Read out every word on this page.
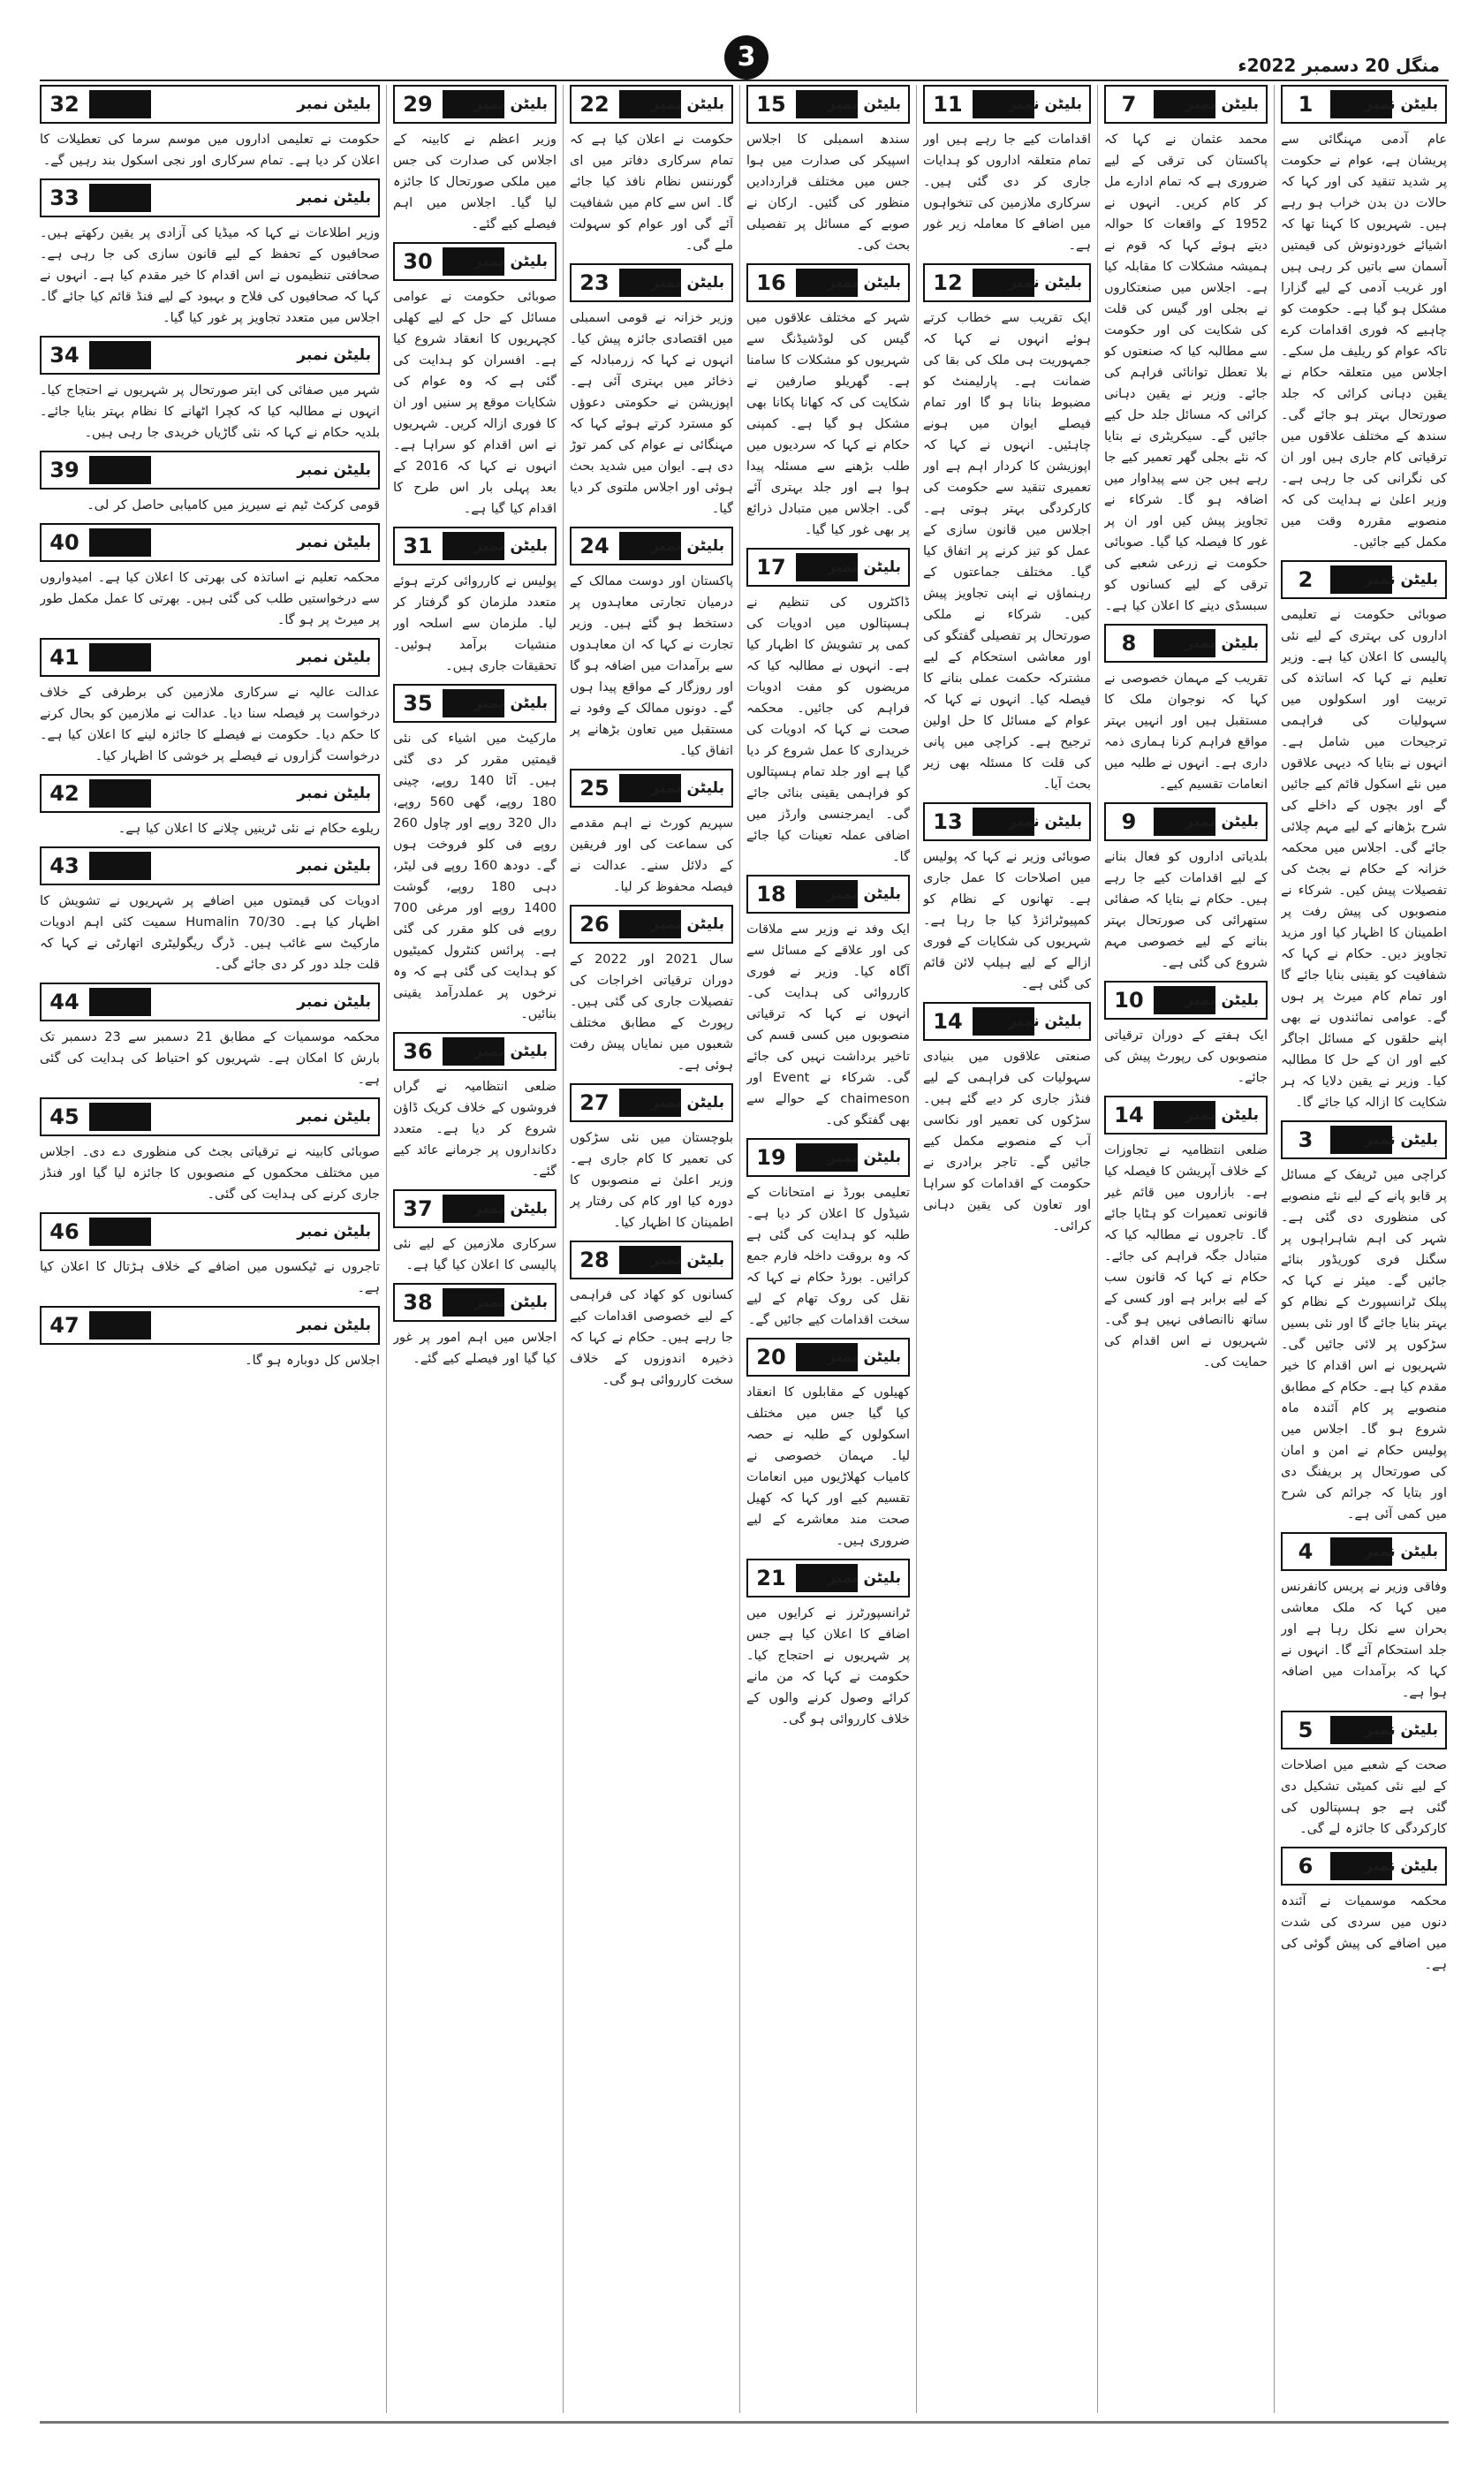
3	منگل 20 دسمبر 2022ء
1	بلیٹن نمبر
عام آدمی مہنگائی سے پریشان ہے، عوام نے حکومت پر شدید تنقید کی اور کہا کہ حالات دن بدن خراب ہو رہے ہیں۔ شہریوں کا کہنا تھا کہ اشیائے خوردونوش کی قیمتیں آسمان سے باتیں کر رہی ہیں اور غریب آدمی کے لیے گزارا مشکل ہو گیا ہے۔ حکومت کو چاہیے کہ فوری اقدامات کرے تاکہ عوام کو ریلیف مل سکے۔ اجلاس میں متعلقہ حکام نے یقین دہانی کرائی کہ جلد صورتحال بہتر ہو جائے گی۔ سندھ کے مختلف علاقوں میں ترقیاتی کام جاری ہیں اور ان کی نگرانی کی جا رہی ہے۔ وزیر اعلیٰ نے ہدایت کی کہ منصوبے مقررہ وقت میں مکمل کیے جائیں۔
2	بلیٹن نمبر
صوبائی حکومت نے تعلیمی اداروں کی بہتری کے لیے نئی پالیسی کا اعلان کیا ہے۔ وزیر تعلیم نے کہا کہ اساتذہ کی تربیت اور اسکولوں میں سہولیات کی فراہمی ترجیحات میں شامل ہے۔ انہوں نے بتایا کہ دیہی علاقوں میں نئے اسکول قائم کیے جائیں گے اور بچوں کے داخلے کی شرح بڑھانے کے لیے مہم چلائی جائے گی۔ اجلاس میں محکمہ خزانہ کے حکام نے بجٹ کی تفصیلات پیش کیں۔ شرکاء نے منصوبوں کی پیش رفت پر اطمینان کا اظہار کیا اور مزید تجاویز دیں۔ حکام نے کہا کہ شفافیت کو یقینی بنایا جائے گا اور تمام کام میرٹ پر ہوں گے۔ عوامی نمائندوں نے بھی اپنے حلقوں کے مسائل اجاگر کیے اور ان کے حل کا مطالبہ کیا۔ وزیر نے یقین دلایا کہ ہر شکایت کا ازالہ کیا جائے گا۔
3	بلیٹن نمبر
کراچی میں ٹریفک کے مسائل پر قابو پانے کے لیے نئے منصوبے کی منظوری دی گئی ہے۔ شہر کی اہم شاہراہوں پر سگنل فری کوریڈور بنائے جائیں گے۔ میئر نے کہا کہ پبلک ٹرانسپورٹ کے نظام کو بہتر بنایا جائے گا اور نئی بسیں سڑکوں پر لائی جائیں گی۔ شہریوں نے اس اقدام کا خیر مقدم کیا ہے۔ حکام کے مطابق منصوبے پر کام آئندہ ماہ شروع ہو گا۔ اجلاس میں پولیس حکام نے امن و امان کی صورتحال پر بریفنگ دی اور بتایا کہ جرائم کی شرح میں کمی آئی ہے۔
4	بلیٹن نمبر
وفاقی وزیر نے پریس کانفرنس میں کہا کہ ملک معاشی بحران سے نکل رہا ہے اور جلد استحکام آئے گا۔ انہوں نے کہا کہ برآمدات میں اضافہ ہوا ہے۔
5	بلیٹن نمبر
صحت کے شعبے میں اصلاحات کے لیے نئی کمیٹی تشکیل دی گئی ہے جو ہسپتالوں کی کارکردگی کا جائزہ لے گی۔
6	بلیٹن نمبر
محکمہ موسمیات نے آئندہ دنوں میں سردی کی شدت میں اضافے کی پیش گوئی کی ہے۔
7	بلیٹن نمبر
محمد عثمان نے کہا کہ پاکستان کی ترقی کے لیے ضروری ہے کہ تمام ادارے مل کر کام کریں۔ انہوں نے 1952 کے واقعات کا حوالہ دیتے ہوئے کہا کہ قوم نے ہمیشہ مشکلات کا مقابلہ کیا ہے۔ اجلاس میں صنعتکاروں نے بجلی اور گیس کی قلت کی شکایت کی اور حکومت سے مطالبہ کیا کہ صنعتوں کو بلا تعطل توانائی فراہم کی جائے۔ وزیر نے یقین دہانی کرائی کہ مسائل جلد حل کیے جائیں گے۔ سیکریٹری نے بتایا کہ نئے بجلی گھر تعمیر کیے جا رہے ہیں جن سے پیداوار میں اضافہ ہو گا۔ شرکاء نے تجاویز پیش کیں اور ان پر غور کا فیصلہ کیا گیا۔ صوبائی حکومت نے زرعی شعبے کی ترقی کے لیے کسانوں کو سبسڈی دینے کا اعلان کیا ہے۔
8	بلیٹن نمبر
تقریب کے مہمان خصوصی نے کہا کہ نوجوان ملک کا مستقبل ہیں اور انہیں بہتر مواقع فراہم کرنا ہماری ذمہ داری ہے۔ انہوں نے طلبہ میں انعامات تقسیم کیے۔
9	بلیٹن نمبر
بلدیاتی اداروں کو فعال بنانے کے لیے اقدامات کیے جا رہے ہیں۔ حکام نے بتایا کہ صفائی ستھرائی کی صورتحال بہتر بنانے کے لیے خصوصی مہم شروع کی گئی ہے۔
10	بلیٹن نمبر
ایک ہفتے کے دوران ترقیاتی منصوبوں کی رپورٹ پیش کی جائے۔
14	بلیٹن نمبر
ضلعی انتظامیہ نے تجاوزات کے خلاف آپریشن کا فیصلہ کیا ہے۔ بازاروں میں قائم غیر قانونی تعمیرات کو ہٹایا جائے گا۔ تاجروں نے مطالبہ کیا کہ متبادل جگہ فراہم کی جائے۔ حکام نے کہا کہ قانون سب کے لیے برابر ہے اور کسی کے ساتھ ناانصافی نہیں ہو گی۔ شہریوں نے اس اقدام کی حمایت کی۔
11	بلیٹن نمبر
اقدامات کیے جا رہے ہیں اور تمام متعلقہ اداروں کو ہدایات جاری کر دی گئی ہیں۔ سرکاری ملازمین کی تنخواہوں میں اضافے کا معاملہ زیر غور ہے۔
12	بلیٹن نمبر
ایک تقریب سے خطاب کرتے ہوئے انہوں نے کہا کہ جمہوریت ہی ملک کی بقا کی ضمانت ہے۔ پارلیمنٹ کو مضبوط بنانا ہو گا اور تمام فیصلے ایوان میں ہونے چاہئیں۔ انہوں نے کہا کہ اپوزیشن کا کردار اہم ہے اور تعمیری تنقید سے حکومت کی کارکردگی بہتر ہوتی ہے۔ اجلاس میں قانون سازی کے عمل کو تیز کرنے پر اتفاق کیا گیا۔ مختلف جماعتوں کے رہنماؤں نے اپنی تجاویز پیش کیں۔ شرکاء نے ملکی صورتحال پر تفصیلی گفتگو کی اور معاشی استحکام کے لیے مشترکہ حکمت عملی بنانے کا فیصلہ کیا۔ انہوں نے کہا کہ عوام کے مسائل کا حل اولین ترجیح ہے۔ کراچی میں پانی کی قلت کا مسئلہ بھی زیر بحث آیا۔
13	بلیٹن نمبر
صوبائی وزیر نے کہا کہ پولیس میں اصلاحات کا عمل جاری ہے۔ تھانوں کے نظام کو کمپیوٹرائزڈ کیا جا رہا ہے۔ شہریوں کی شکایات کے فوری ازالے کے لیے ہیلپ لائن قائم کی گئی ہے۔
14	بلیٹن نمبر
صنعتی علاقوں میں بنیادی سہولیات کی فراہمی کے لیے فنڈز جاری کر دیے گئے ہیں۔ سڑکوں کی تعمیر اور نکاسی آب کے منصوبے مکمل کیے جائیں گے۔ تاجر برادری نے حکومت کے اقدامات کو سراہا اور تعاون کی یقین دہانی کرائی۔
15	بلیٹن نمبر
سندھ اسمبلی کا اجلاس اسپیکر کی صدارت میں ہوا جس میں مختلف قراردادیں منظور کی گئیں۔ ارکان نے صوبے کے مسائل پر تفصیلی بحث کی۔
16	بلیٹن نمبر
شہر کے مختلف علاقوں میں گیس کی لوڈشیڈنگ سے شہریوں کو مشکلات کا سامنا ہے۔ گھریلو صارفین نے شکایت کی کہ کھانا پکانا بھی مشکل ہو گیا ہے۔ کمپنی حکام نے کہا کہ سردیوں میں طلب بڑھنے سے مسئلہ پیدا ہوا ہے اور جلد بہتری آئے گی۔ اجلاس میں متبادل ذرائع پر بھی غور کیا گیا۔
17	بلیٹن نمبر
ڈاکٹروں کی تنظیم نے ہسپتالوں میں ادویات کی کمی پر تشویش کا اظہار کیا ہے۔ انہوں نے مطالبہ کیا کہ مریضوں کو مفت ادویات فراہم کی جائیں۔ محکمہ صحت نے کہا کہ ادویات کی خریداری کا عمل شروع کر دیا گیا ہے اور جلد تمام ہسپتالوں کو فراہمی یقینی بنائی جائے گی۔ ایمرجنسی وارڈز میں اضافی عملہ تعینات کیا جائے گا۔
18	بلیٹن نمبر
ایک وفد نے وزیر سے ملاقات کی اور علاقے کے مسائل سے آگاہ کیا۔ وزیر نے فوری کارروائی کی ہدایت کی۔ انہوں نے کہا کہ ترقیاتی منصوبوں میں کسی قسم کی تاخیر برداشت نہیں کی جائے گی۔ شرکاء نے Event اور chaimeson کے حوالے سے بھی گفتگو کی۔
19	بلیٹن نمبر
تعلیمی بورڈ نے امتحانات کے شیڈول کا اعلان کر دیا ہے۔ طلبہ کو ہدایت کی گئی ہے کہ وہ بروقت داخلہ فارم جمع کرائیں۔ بورڈ حکام نے کہا کہ نقل کی روک تھام کے لیے سخت اقدامات کیے جائیں گے۔
20	بلیٹن نمبر
کھیلوں کے مقابلوں کا انعقاد کیا گیا جس میں مختلف اسکولوں کے طلبہ نے حصہ لیا۔ مہمان خصوصی نے کامیاب کھلاڑیوں میں انعامات تقسیم کیے اور کہا کہ کھیل صحت مند معاشرے کے لیے ضروری ہیں۔
21	بلیٹن نمبر
ٹرانسپورٹرز نے کرایوں میں اضافے کا اعلان کیا ہے جس پر شہریوں نے احتجاج کیا۔ حکومت نے کہا کہ من مانے کرائے وصول کرنے والوں کے خلاف کارروائی ہو گی۔
22	بلیٹن نمبر
حکومت نے اعلان کیا ہے کہ تمام سرکاری دفاتر میں ای گورننس نظام نافذ کیا جائے گا۔ اس سے کام میں شفافیت آئے گی اور عوام کو سہولت ملے گی۔
23	بلیٹن نمبر
وزیر خزانہ نے قومی اسمبلی میں اقتصادی جائزہ پیش کیا۔ انہوں نے کہا کہ زرمبادلہ کے ذخائر میں بہتری آئی ہے۔ اپوزیشن نے حکومتی دعوؤں کو مسترد کرتے ہوئے کہا کہ مہنگائی نے عوام کی کمر توڑ دی ہے۔ ایوان میں شدید بحث ہوئی اور اجلاس ملتوی کر دیا گیا۔
24	بلیٹن نمبر
پاکستان اور دوست ممالک کے درمیان تجارتی معاہدوں پر دستخط ہو گئے ہیں۔ وزیر تجارت نے کہا کہ ان معاہدوں سے برآمدات میں اضافہ ہو گا اور روزگار کے مواقع پیدا ہوں گے۔ دونوں ممالک کے وفود نے مستقبل میں تعاون بڑھانے پر اتفاق کیا۔
25	بلیٹن نمبر
سپریم کورٹ نے اہم مقدمے کی سماعت کی اور فریقین کے دلائل سنے۔ عدالت نے فیصلہ محفوظ کر لیا۔
26	بلیٹن نمبر
سال 2021 اور 2022 کے دوران ترقیاتی اخراجات کی تفصیلات جاری کی گئی ہیں۔ رپورٹ کے مطابق مختلف شعبوں میں نمایاں پیش رفت ہوئی ہے۔
27	بلیٹن نمبر
بلوچستان میں نئی سڑکوں کی تعمیر کا کام جاری ہے۔ وزیر اعلیٰ نے منصوبوں کا دورہ کیا اور کام کی رفتار پر اطمینان کا اظہار کیا۔
28	بلیٹن نمبر
کسانوں کو کھاد کی فراہمی کے لیے خصوصی اقدامات کیے جا رہے ہیں۔ حکام نے کہا کہ ذخیرہ اندوزوں کے خلاف سخت کارروائی ہو گی۔
29	بلیٹن نمبر
وزیر اعظم نے کابینہ کے اجلاس کی صدارت کی جس میں ملکی صورتحال کا جائزہ لیا گیا۔ اجلاس میں اہم فیصلے کیے گئے۔
30	بلیٹن نمبر
صوبائی حکومت نے عوامی مسائل کے حل کے لیے کھلی کچہریوں کا انعقاد شروع کیا ہے۔ افسران کو ہدایت کی گئی ہے کہ وہ عوام کی شکایات موقع پر سنیں اور ان کا فوری ازالہ کریں۔ شہریوں نے اس اقدام کو سراہا ہے۔ انہوں نے کہا کہ 2016 کے بعد پہلی بار اس طرح کا اقدام کیا گیا ہے۔
31	بلیٹن نمبر
پولیس نے کارروائی کرتے ہوئے متعدد ملزمان کو گرفتار کر لیا۔ ملزمان سے اسلحہ اور منشیات برآمد ہوئیں۔ تحقیقات جاری ہیں۔
35	بلیٹن نمبر
مارکیٹ میں اشیاء کی نئی قیمتیں مقرر کر دی گئی ہیں۔ آٹا 140 روپے، چینی 180 روپے، گھی 560 روپے، دال 320 روپے اور چاول 260 روپے فی کلو فروخت ہوں گے۔ دودھ 160 روپے فی لیٹر، دہی 180 روپے، گوشت 1400 روپے اور مرغی 700 روپے فی کلو مقرر کی گئی ہے۔ پرائس کنٹرول کمیٹیوں کو ہدایت کی گئی ہے کہ وہ نرخوں پر عملدرآمد یقینی بنائیں۔
36	بلیٹن نمبر
ضلعی انتظامیہ نے گراں فروشوں کے خلاف کریک ڈاؤن شروع کر دیا ہے۔ متعدد دکانداروں پر جرمانے عائد کیے گئے۔
37	بلیٹن نمبر
سرکاری ملازمین کے لیے نئی پالیسی کا اعلان کیا گیا ہے۔
38	بلیٹن نمبر
اجلاس میں اہم امور پر غور کیا گیا اور فیصلے کیے گئے۔
32	بلیٹن نمبر
حکومت نے تعلیمی اداروں میں موسم سرما کی تعطیلات کا اعلان کر دیا ہے۔ تمام سرکاری اور نجی اسکول بند رہیں گے۔
33	بلیٹن نمبر
وزیر اطلاعات نے کہا کہ میڈیا کی آزادی پر یقین رکھتے ہیں۔ صحافیوں کے تحفظ کے لیے قانون سازی کی جا رہی ہے۔ صحافتی تنظیموں نے اس اقدام کا خیر مقدم کیا ہے۔ انہوں نے کہا کہ صحافیوں کی فلاح و بہبود کے لیے فنڈ قائم کیا جائے گا۔ اجلاس میں متعدد تجاویز پر غور کیا گیا۔
34	بلیٹن نمبر
شہر میں صفائی کی ابتر صورتحال پر شہریوں نے احتجاج کیا۔ انہوں نے مطالبہ کیا کہ کچرا اٹھانے کا نظام بہتر بنایا جائے۔ بلدیہ حکام نے کہا کہ نئی گاڑیاں خریدی جا رہی ہیں۔
39	بلیٹن نمبر
قومی کرکٹ ٹیم نے سیریز میں کامیابی حاصل کر لی۔
40	بلیٹن نمبر
محکمہ تعلیم نے اساتذہ کی بھرتی کا اعلان کیا ہے۔ امیدواروں سے درخواستیں طلب کی گئی ہیں۔ بھرتی کا عمل مکمل طور پر میرٹ پر ہو گا۔
41	بلیٹن نمبر
عدالت عالیہ نے سرکاری ملازمین کی برطرفی کے خلاف درخواست پر فیصلہ سنا دیا۔ عدالت نے ملازمین کو بحال کرنے کا حکم دیا۔ حکومت نے فیصلے کا جائزہ لینے کا اعلان کیا ہے۔ درخواست گزاروں نے فیصلے پر خوشی کا اظہار کیا۔
42	بلیٹن نمبر
ریلوے حکام نے نئی ٹرینیں چلانے کا اعلان کیا ہے۔
43	بلیٹن نمبر
ادویات کی قیمتوں میں اضافے پر شہریوں نے تشویش کا اظہار کیا ہے۔ Humalin 70/30 سمیت کئی اہم ادویات مارکیٹ سے غائب ہیں۔ ڈرگ ریگولیٹری اتھارٹی نے کہا کہ قلت جلد دور کر دی جائے گی۔
44	بلیٹن نمبر
محکمہ موسمیات کے مطابق 21 دسمبر سے 23 دسمبر تک بارش کا امکان ہے۔ شہریوں کو احتیاط کی ہدایت کی گئی ہے۔
45	بلیٹن نمبر
صوبائی کابینہ نے ترقیاتی بجٹ کی منظوری دے دی۔ اجلاس میں مختلف محکموں کے منصوبوں کا جائزہ لیا گیا اور فنڈز جاری کرنے کی ہدایت کی گئی۔
46	بلیٹن نمبر
تاجروں نے ٹیکسوں میں اضافے کے خلاف ہڑتال کا اعلان کیا ہے۔
47	بلیٹن نمبر
اجلاس کل دوبارہ ہو گا۔
